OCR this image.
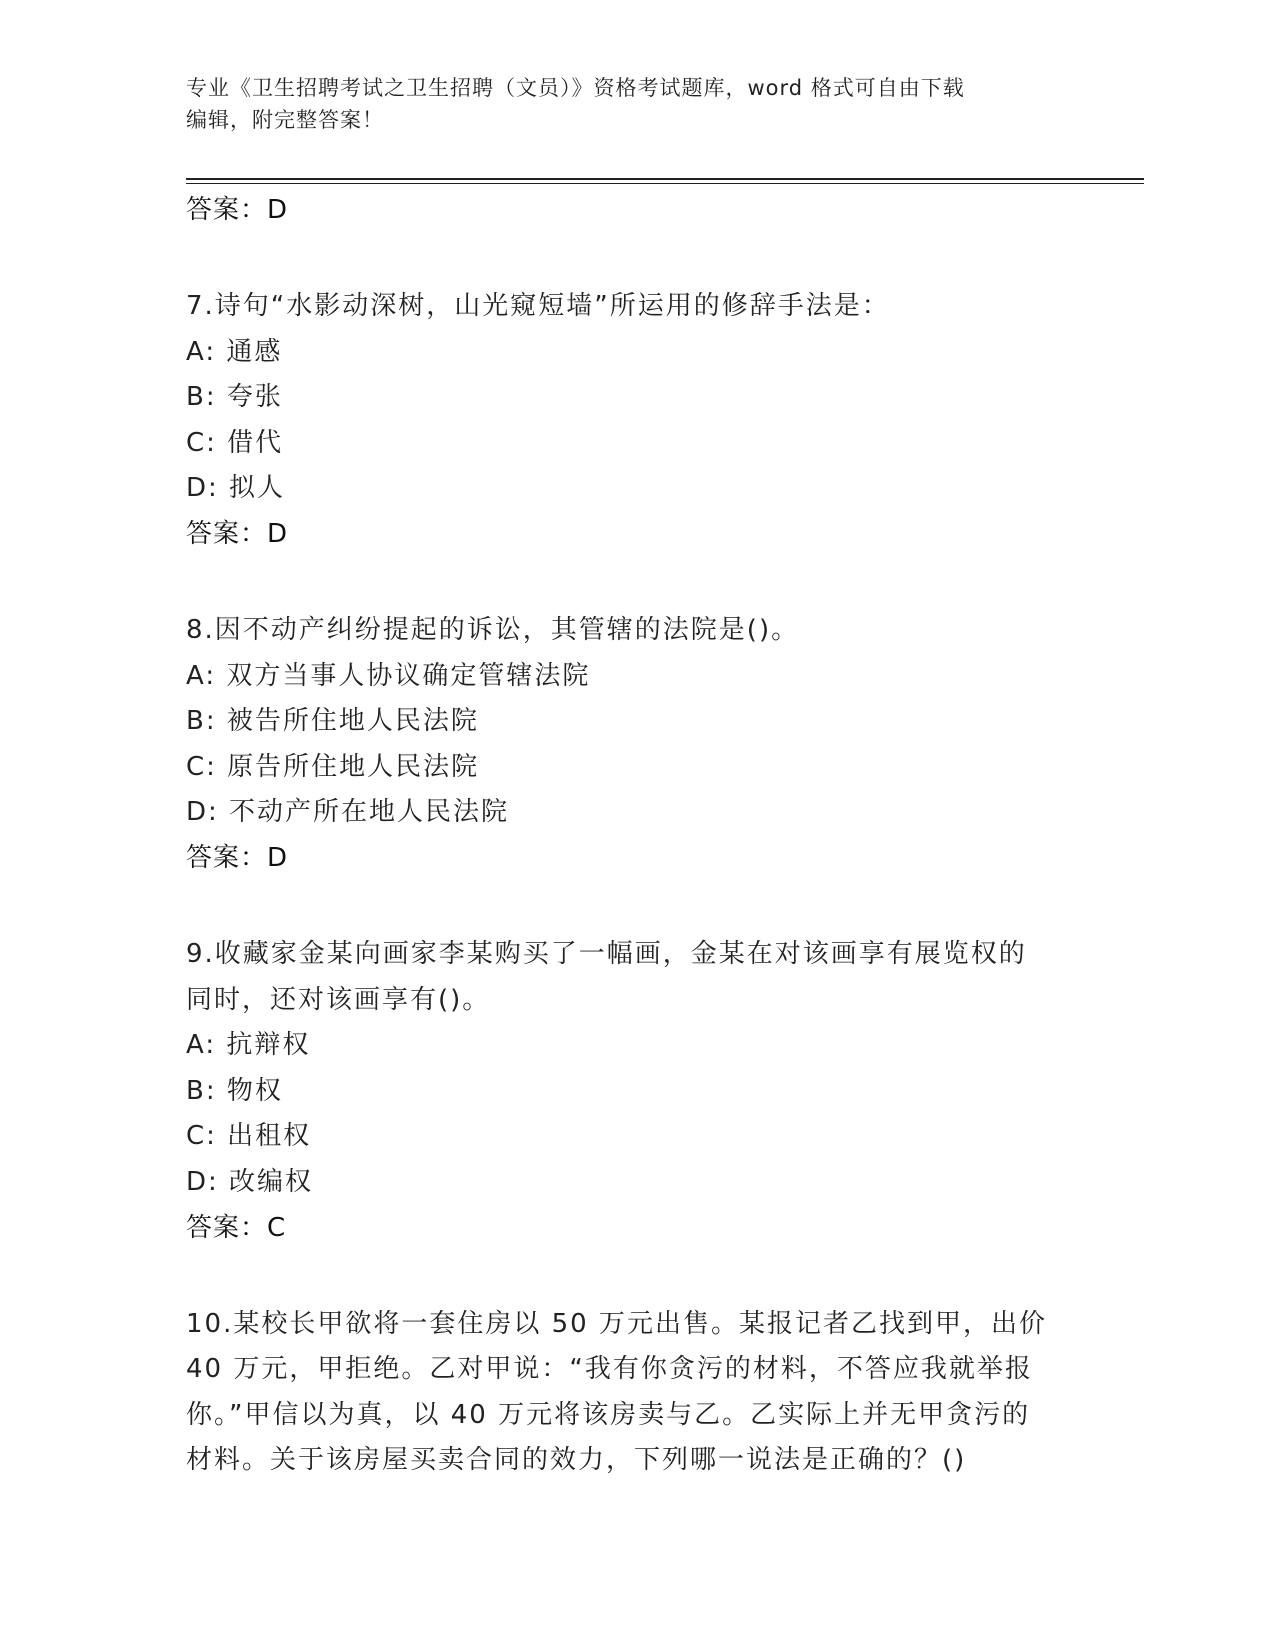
专业《卫生招聘考试之卫生招聘（文员）》资格考试题库，word 格式可自由下载
编辑，附完整答案！
答案：D
7.诗句“水影动深树，山光窥短墙”所运用的修辞手法是：
A: 通感
B: 夸张
C: 借代
D: 拟人
答案：D
8.因不动产纠纷提起的诉讼，其管辖的法院是()。
A: 双方当事人协议确定管辖法院
B: 被告所住地人民法院
C: 原告所住地人民法院
D: 不动产所在地人民法院
答案：D
9.收藏家金某向画家李某购买了一幅画，金某在对该画享有展览权的
同时，还对该画享有()。
A: 抗辩权
B: 物权
C: 出租权
D: 改编权
答案：C
10.某校长甲欲将一套住房以 50 万元出售。某报记者乙找到甲，出价
40 万元，甲拒绝。乙对甲说：“我有你贪污的材料，不答应我就举报
你。”甲信以为真，以 40 万元将该房卖与乙。乙实际上并无甲贪污的
材料。关于该房屋买卖合同的效力，下列哪一说法是正确的？()
